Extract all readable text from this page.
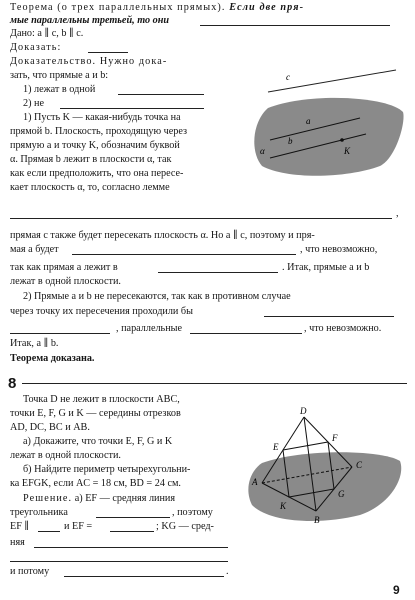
Теорема (о трех параллельных прямых). Если две пря-
мые параллельны третьей, то они
Дано: a ∥ c, b ∥ c.
Доказать:
Доказательство. Нужно дока-
зать, что прямые a и b:
1) лежат в одной
2) не
1) Пусть K — какая-нибудь точка на
прямой b. Плоскость, проходящую через
прямую a и точку K, обозначим буквой
α. Прямая b лежит в плоскости α, так
как если предположить, что она пересе-
кает плоскость α, то, согласно лемме
,
прямая c также будет пересекать плоскость α. Но a ∥ c, поэтому и пря-
мая a будет	, что невозможно,
так как прямая a лежит в	. Итак, прямые a и b
лежат в одной плоскости.
2) Прямые a и b не пересекаются, так как в противном случае
через точку их пересечения проходили бы
, параллельные	, что невозможно.
Итак, a ∥ b.
Теорема доказана.
c
a
b
K
α
8
Точка D не лежит в плоскости ABC,
точки E, F, G и K — середины отрезков
AD, DC, BC и AB.
а) Докажите, что точки E, F, G и K
лежат в одной плоскости.
б) Найдите периметр четырехугольни-
ка EFGK, если AC = 18 см, BD = 24 см.
Решение. а) EF — средняя линия
треугольника	, поэтому
EF ∥	и EF =	; KG — сред-
няя
и потому	.
D
E
F
A
C
K
G
B
9
